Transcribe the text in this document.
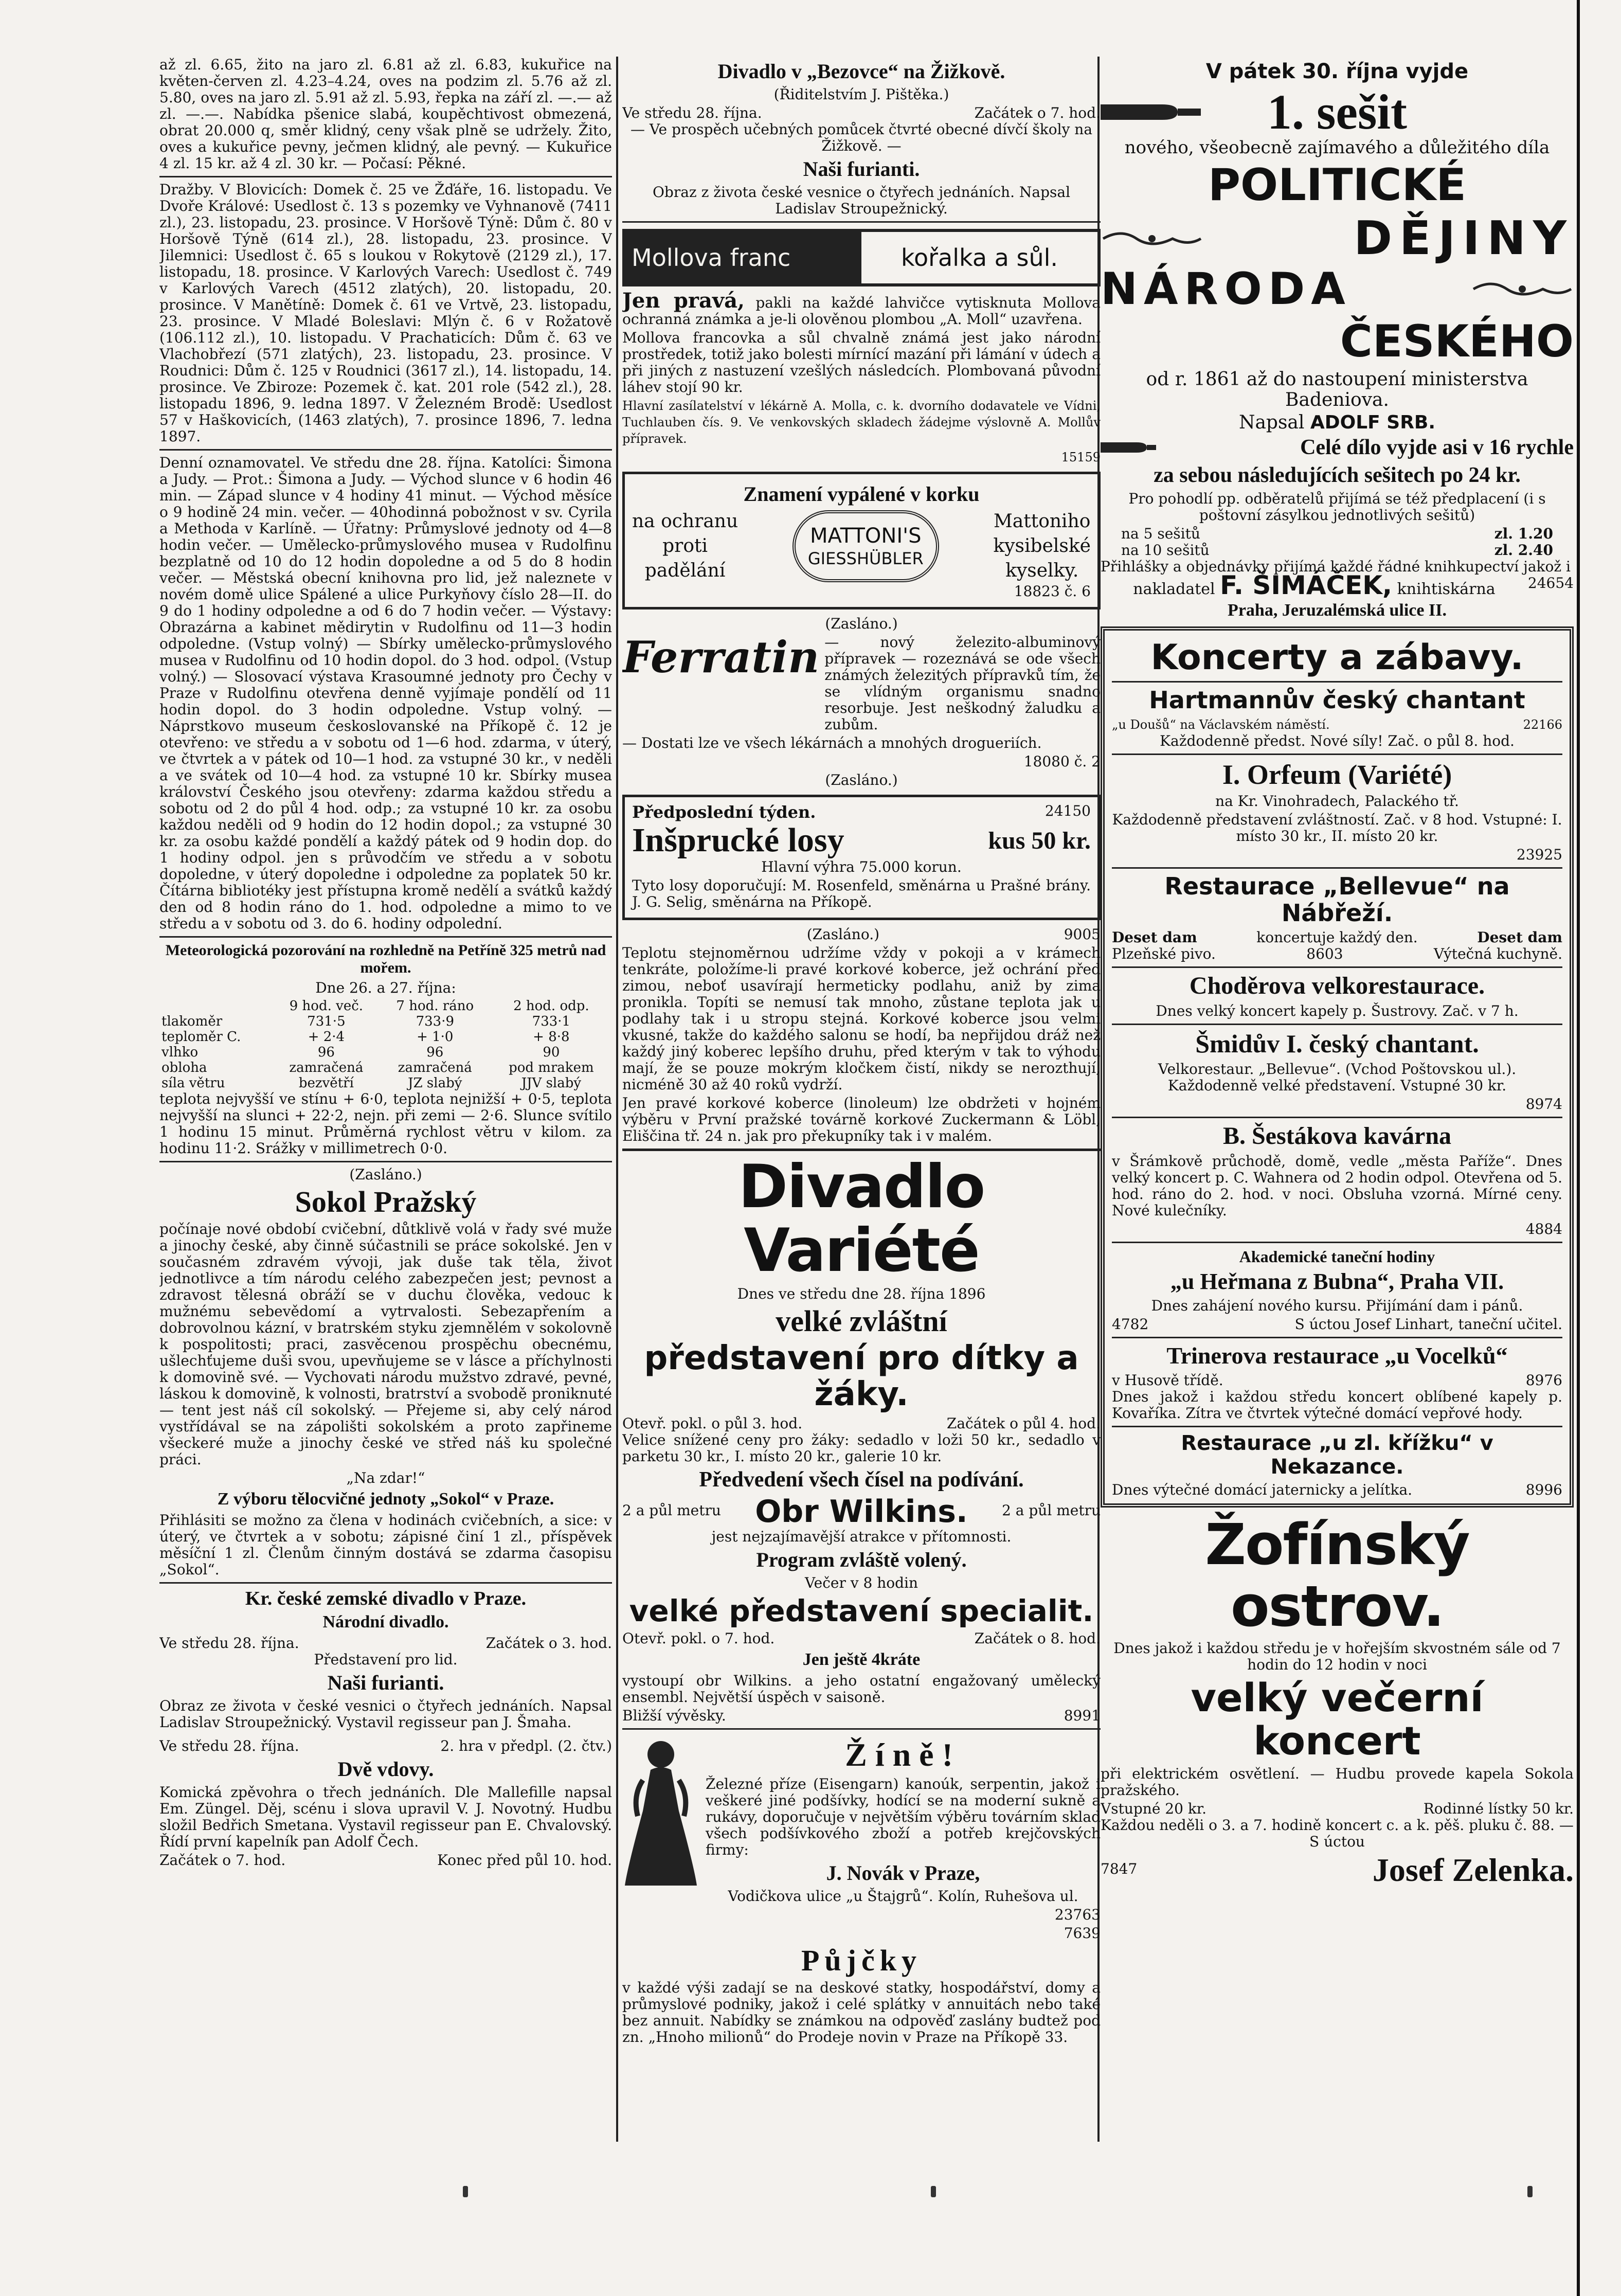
až zl. 6.65, žito na jaro zl. 6.81 až zl. 6.83, kukuřice na květen-červen zl. 4.23–4.24, oves na podzim zl. 5.76 až zl. 5.80, oves na jaro zl. 5.91 až zl. 5.93, řepka na září zl. —.— až zl. —.—. Nabídka pšenice slabá, koupěchtivost obmezená, obrat 20.000 q, směr klidný, ceny však plně se udržely. Žito, oves a kukuřice pevny, ječmen klidný, ale pevný. — Kukuřice 4 zl. 15 kr. až 4 zl. 30 kr. — Počasí: Pěkné.

Dražby. V Blovicích: Domek č. 25 ve Žďáře, 16. listopadu. Ve Dvoře Králové: Usedlost č. 13 s pozemky ve Vyhnanově (7411 zl.), 23. listopadu, 23. prosince. V Horšově Týně: Dům č. 80 v Horšově Týně (614 zl.), 28. listopadu, 23. prosince. V Jilemnici: Usedlost č. 65 s loukou v Rokytově (2129 zl.), 17. listopadu, 18. prosince. V Karlových Varech: Usedlost č. 749 v Karlových Varech (4512 zlatých), 20. listopadu, 20. prosince. V Manětíně: Domek č. 61 ve Vrtvě, 23. listopadu, 23. prosince. V Mladé Boleslavi: Mlýn č. 6 v Rožatově (106.112 zl.), 10. listopadu. V Prachaticích: Dům č. 63 ve Vlachobřezí (571 zlatých), 23. listopadu, 23. prosince. V Roudnici: Dům č. 125 v Roudnici (3617 zl.), 14. listopadu, 14. prosince. Ve Zbiroze: Pozemek č. kat. 201 role (542 zl.), 28. listopadu 1896, 9. ledna 1897. V Železném Brodě: Usedlost 57 v Haškovicích, (1463 zlatých), 7. prosince 1896, 7. ledna 1897.

Denní oznamovatel. Ve středu dne 28. října. Katolíci: Šimona a Judy. — Prot.: Šimona a Judy. — Východ slunce v 6 hodin 46 min. — Západ slunce v 4 hodiny 41 minut. — Východ měsíce o 9 hodině 24 min. večer. — 40hodinná pobožnost v sv. Cyrila a Methoda v Karlíně. — Úřatny: Průmyslové jednoty od 4—8 hodin večer. — Umělecko-průmyslového musea v Rudolfinu bezplatně od 10 do 12 hodin dopoledne a od 5 do 8 hodin večer. — Městská obecní knihovna pro lid, jež naleznete v novém domě ulice Spálené a ulice Purkyňovy číslo 28—II. do 9 do 1 hodiny odpoledne a od 6 do 7 hodin večer. — Výstavy: Obrazárna a kabinet mědirytin v Rudolfinu od 11—3 hodin odpoledne. (Vstup volný) — Sbírky umělecko-průmyslového musea v Rudolfinu od 10 hodin dopol. do 3 hod. odpol. (Vstup volný.) — Slosovací výstava Krasoumné jednoty pro Čechy v Praze v Rudolfinu otevřena denně vyjímaje pondělí od 11 hodin dopol. do 3 hodin odpoledne. Vstup volný. — Náprstkovo museum českoslovanské na Příkopě č. 12 je otevřeno: ve středu a v sobotu od 1—6 hod. zdarma, v úterý, ve čtvrtek a v pátek od 10—1 hod. za vstupné 30 kr., v neděli a ve svátek od 10—4 hod. za vstupné 10 kr. Sbírky musea království Českého jsou otevřeny: zdarma každou středu a sobotu od 2 do půl 4 hod. odp.; za vstupné 10 kr. za osobu každou neděli od 9 hodin do 12 hodin dopol.; za vstupné 30 kr. za osobu každé pondělí a každý pátek od 9 hodin dop. do 1 hodiny odpol. jen s průvodčím ve středu a v sobotu dopoledne, v úterý dopoledne i odpoledne za poplatek 50 kr. Čítárna bibliotéky jest přístupna kromě nedělí a svátků každý den od 8 hodin ráno do 1. hod. odpoledne a mimo to ve středu a v sobotu od 3. do 6. hodiny odpolední.

Meteorologická pozorování na rozhledně na Petříně 325 metrů nad mořem.

Dne 26. a 27. října:

	9 hod. več.	7 hod. ráno	2 hod. odp.
tlakoměr	731·5	733·9	733·1
teploměr C.	+ 2·4	+ 1·0	+ 8·8
vlhko	96	96	90
obloha	zamračená	zamračená	pod mrakem
síla větru	bezvětří	JZ slabý	JJV slabý

teplota nejvyšší ve stínu + 6·0, teplota nejnižší + 0·5, teplota nejvyšší na slunci + 22·2, nejn. při zemi — 2·6. Slunce svítilo 1 hodinu 15 minut. Průměrná rychlost větru v kilom. za hodinu 11·2. Srážky v millimetrech 0·0.

(Zasláno.)

Sokol Pražský

počínaje nové období cvičební, důtklivě volá v řady své muže a jinochy české, aby činně súčastnili se práce sokolské. Jen v současném zdravém vývoji, jak duše tak těla, život jednotlivce a tím národu celého zabezpečen jest; pevnost a zdravost tělesná obráží se v duchu člověka, vedouc k mužnému sebevědomí a vytrvalosti. Sebezapřením a dobrovolnou kázní, v bratrském styku zjemnělém v sokolovně k pospolitosti; praci, zasvěcenou prospěchu obecnému, ušlechťujeme duši svou, upevňujeme se v lásce a příchylnosti k domovině své. — Vychovati národu mužstvo zdravé, pevné, láskou k domovině, k volnosti, bratrství a svobodě proniknuté — tent jest náš cíl sokolský. — Přejeme si, aby celý národ vystřídával se na zápolišti sokolském a proto zapřineme všeckeré muže a jinochy české ve střed náš ku společné práci.

„Na zdar!“

Z výboru tělocvičné jednoty „Sokol“ v Praze.

Přihlásiti se možno za člena v hodinách cvičebních, a sice: v úterý, ve čtvrtek a v sobotu; zápisné činí 1 zl., příspěvek měsíční 1 zl. Členům činným dostává se zdarma časopisu „Sokol“.

Kr. české zemské divadlo v Praze.
Národní divadlo.
Ve středu 28. října.	Začátek o 3. hod.

Představení pro lid.

Naši furianti.

Obraz ze života v české vesnici o čtyřech jednáních. Napsal Ladislav Stroupežnický. Vystavil regisseur pan J. Šmaha.

Ve středu 28. října.	2. hra v předpl. (2. čtv.)
Dvě vdovy.

Komická zpěvohra o třech jednáních. Dle Mallefille napsal Em. Züngel. Děj, scénu i slova upravil V. J. Novotný. Hudbu složil Bedřich Smetana. Vystavil regisseur pan E. Chvalovský. Řídí první kapelník pan Adolf Čech.

Začátek o 7. hod.	Konec před půl 10. hod.
Divadlo v „Bezovce“ na Žižkově.

(Řiditelstvím J. Pištěka.)

Ve středu 28. října.	Začátek o 7. hod.

— Ve prospěch učebných pomůcek čtvrté obecné dívčí školy na Žižkově. —

Naši furianti.

Obraz z života české vesnice o čtyřech jednáních. Napsal Ladislav Stroupežnický.

Mollova franc	kořalka a sůl.

Jen pravá, pakli na každé lahvičce vytisknuta Mollova ochranná známka a je-li olověnou plombou „A. Moll“ uzavřena.

Mollova francovka a sůl chvalně známá jest jako národní prostředek, totiž jako bolesti mírnící mazání při lámání v údech a při jiných z nastuzení vzešlých následcích. Plombovaná původní láhev stojí 90 kr.

Hlavní zasílatelství v lékárně A. Molla, c. k. dvorního dodavatele ve Vídni, Tuchlauben čís. 9. Ve venkovských skladech žádejme výslovně A. Mollův přípravek.

15159

Znamení vypálené v korku
na ochranu
proti
padělání
MATTONI'S
GIESSHÜBLER
Mattoniho
kysibelské
kyselky.

18823 č. 6

(Zasláno.)

Ferratin — nový železito-albuminový přípravek — rozeznává se ode všech známých železitých přípravků tím, že se vlídným organismu snadno resorbuje. Jest neškodný žaludku a zubům.

— Dostati lze ve všech lékárnách a mnohých drogueriích.

18080 č. 2

(Zasláno.)

Předposlední týden.	24150
Inšprucké losy	kus 50 kr.

Hlavní výhra 75.000 korun.

Tyto losy doporučují: M. Rosenfeld, směnárna u Prašné brány. J. G. Selig, směnárna na Příkopě.

(Zasláno.)	9005

Teplotu stejnoměrnou udržíme vždy v pokoji a v krámech tenkráte, položíme-li pravé korkové koberce, jež ochrání před zimou, neboť usavírají hermeticky podlahu, aniž by zima pronikla. Topíti se nemusí tak mnoho, zůstane teplota jak u podlahy tak i u stropu stejná. Korkové koberce jsou velmi vkusné, takže do každého salonu se hodí, ba nepřijdou dráž než každý jiný koberec lepšího druhu, před kterým v tak to výhodu mají, že se pouze mokrým kločkem čistí, nikdy se nerozthují, nicméně 30 až 40 roků vydrží.

Jen pravé korkové koberce (linoleum) lze obdržeti v hojném výběru v První pražské továrně korkové Zuckermann & Löbl, Eliščina tř. 24 n. jak pro překupníky tak i v malém.

Divadlo Variété

Dnes ve středu dne 28. října 1896

velké zvláštní
představení pro dítky a žáky.
Otevř. pokl. o půl 3. hod.	Začátek o půl 4. hod.

Velice snížené ceny pro žáky: sedadlo v loži 50 kr., sedadlo v parketu 30 kr., I. místo 20 kr., galerie 10 kr.

Předvedení všech čísel na podívání.
2 a půl metru Obr Wilkins. 2 a půl metru

jest nejzajímavější atrakce v přítomnosti.

Program zvláště volený.

Večer v 8 hodin

velké představení specialit.
Otevř. pokl. o 7. hod.	Začátek o 8. hod.
Jen ještě 4kráte

vystoupí obr Wilkins. a jeho ostatní engažovaný umělecký ensembl. Největší úspěch v saisoně.

Bližší vývěsky.	8991
Žíně!

Železné příze (Eisengarn) kanoúk, serpentin, jakož i veškeré jiné podšívky, hodící se na moderní sukně a rukávy, doporučuje v největším výběru továrním sklad všech podšívkového zboží a potřeb krejčovských firmy:

J. Novák v Praze,

Vodičkova ulice „u Štajgrů“. Kolín, Ruhešova ul.

23763

7639

Půjčky

v každé výši zadají se na deskové statky, hospodářství, domy a průmyslové podniky, jakož i celé splátky v annuitách nebo také bez annuit. Nabídky se známkou na odpověď zaslány budtež pod zn. „Hnoho milionů“ do Prodeje novin v Praze na Příkopě 33.

V pátek 30. října vyjde
1. sešit

nového, všeobecně zajímavého a důležitého díla

POLITICKÉ
DĚJINY
NÁRODA
ČESKÉHO

od r. 1861 až do nastoupení ministerstva Badeniova.

Napsal ADOLF SRB.

Celé dílo vyjde asi v 16 rychle
za sebou následujících sešitech po 24 kr.

Pro pohodlí pp. odběratelů přijímá se též předplacení (i s poštovní zásylkou jednotlivých sešitů)

na 5 sešitů	zl. 1.20
na 10 sešitů	zl. 2.40

Přihlášky a objednávky přijímá každé řádné knihkupectví jakož i
24654

nakladatel F. ŠIMÁČEK, knihtiskárna

Praha, Jeruzalémská ulice II.
Koncerty a zábavy.
Hartmannův český chantant
„u Doušů“ na Václavském náměstí.	22166

Každodenně předst. Nové síly! Zač. o půl 8. hod.

I. Orfeum (Variété)

na Kr. Vinohradech, Palackého tř.

Každodenně představení zvláštností. Zač. v 8 hod. Vstupné: I. místo 30 kr., II. místo 20 kr.

23925

Restaurace „Bellevue“ na Nábřeží.
Deset dam	koncertuje každý den.	Deset dam
Plzeňské pivo.	8603	Výtečná kuchyně.
Choděrova velkorestaurace.

Dnes velký koncert kapely p. Šustrovy. Zač. v 7 h.

Šmidův I. český chantant.

Velkorestaur. „Bellevue“. (Vchod Poštovskou ul.). Každodenně velké představení. Vstupné 30 kr.

8974

B. Šestákova kavárna

v Šrámkově průchodě, domě, vedle „města Paříže“. Dnes velký koncert p. C. Wahnera od 2 hodin odpol. Otevřena od 5. hod. ráno do 2. hod. v noci. Obsluha vzorná. Mírné ceny. Nové kulečníky.

4884

Akademické taneční hodiny
„u Heřmana z Bubna“, Praha VII.

Dnes zahájení nového kursu. Přijímání dam i pánů.

4782	S úctou Josef Linhart, taneční učitel.
Trinerova restaurace „u Vocelků“
v Husově třídě.	8976

Dnes jakož i každou středu koncert oblíbené kapely p. Kovaříka. Zítra ve čtvrtek výtečné domácí vepřové hody.

Restaurace „u zl. křížku“ v Nekazance.
Dnes výtečné domácí jaternicky a jelítka.	8996
Žofínský ostrov.

Dnes jakož i každou středu je v hořejším skvostném sále od 7 hodin do 12 hodin v noci

velký večerní koncert

při elektrickém osvětlení. — Hudbu provede kapela Sokola pražského.

Vstupné 20 kr.	Rodinné lístky 50 kr.

Každou neděli o 3. a 7. hodině koncert c. a k. pěš. pluku č. 88. — S úctou

7847	Josef Zelenka.
